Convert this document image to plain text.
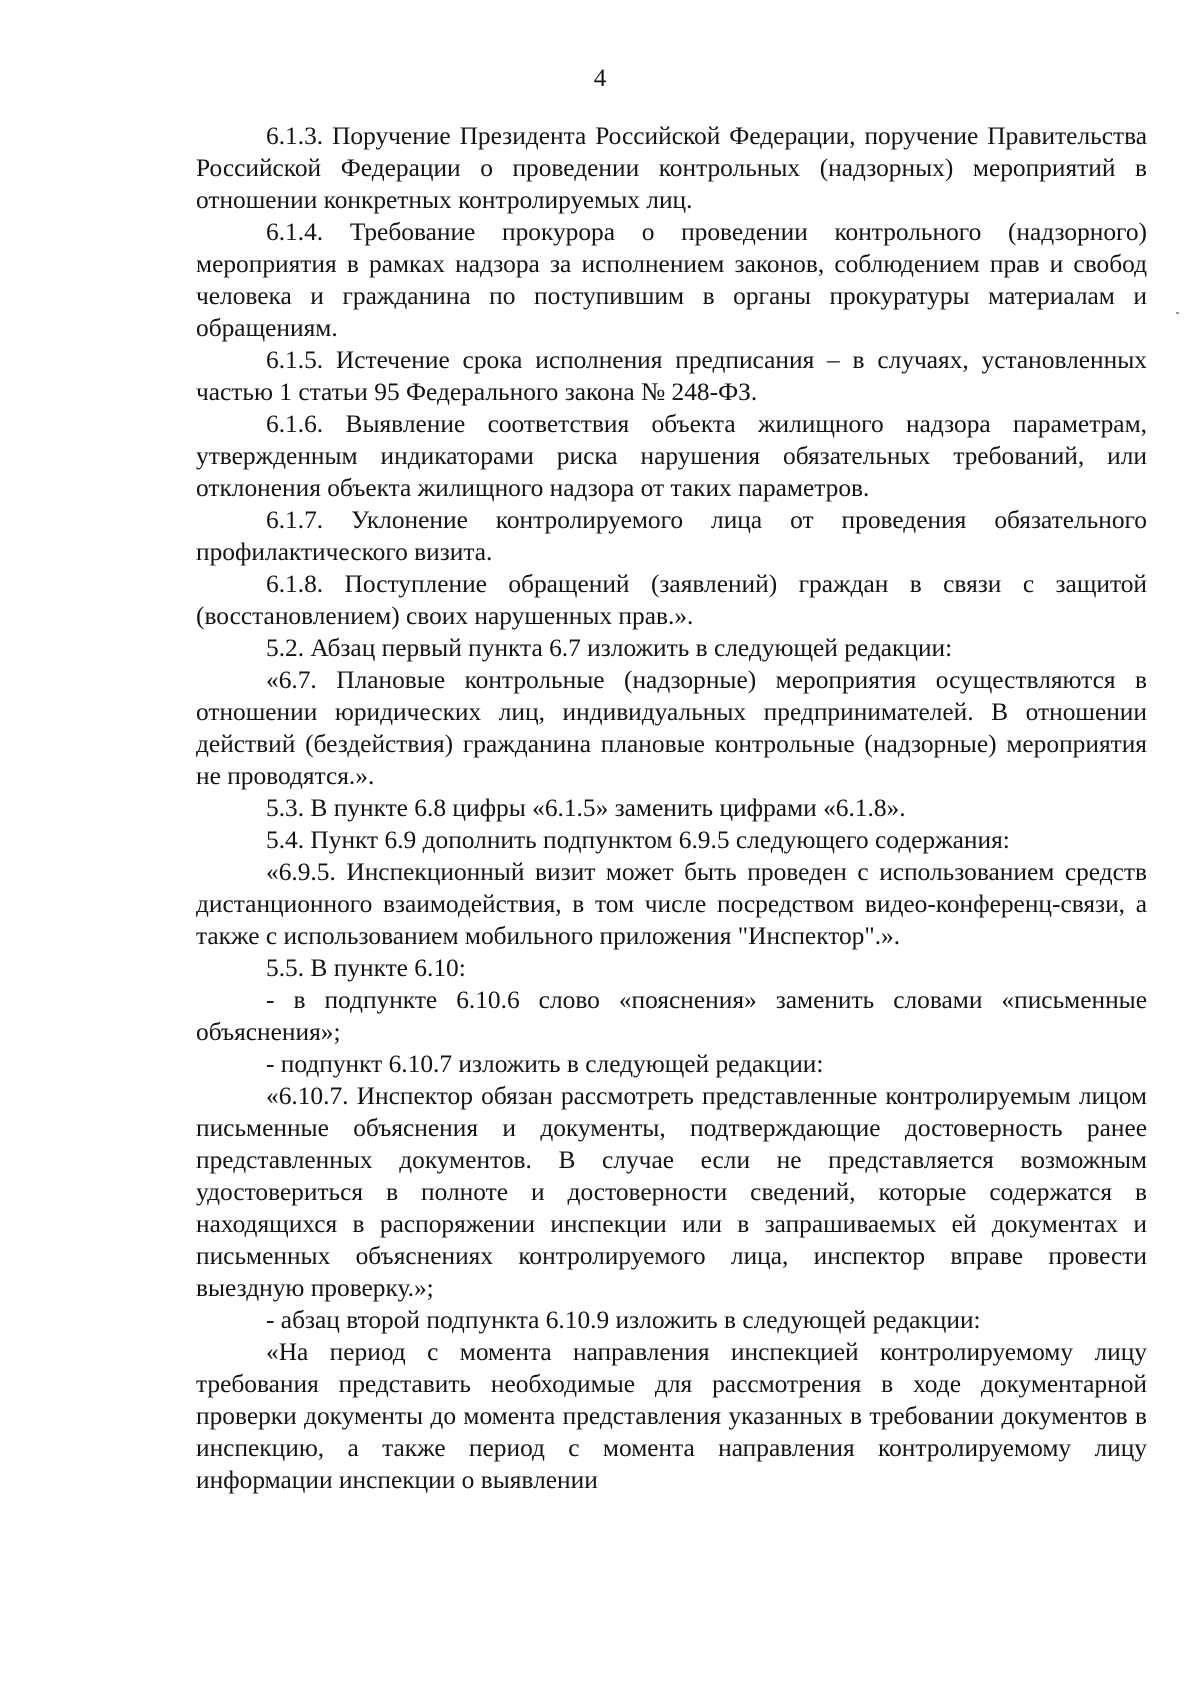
4

6.1.3. Поручение Президента Российской Федерации, поручение Правительства Российской Федерации о проведении контрольных (надзорных) мероприятий в отношении конкретных контролируемых лиц.

6.1.4. Требование прокурора о проведении контрольного (надзорного) мероприятия в рамках надзора за исполнением законов, соблюдением прав и свобод человека и гражданина по поступившим в органы прокуратуры материалам и обращениям.

6.1.5. Истечение срока исполнения предписания – в случаях, установленных частью 1 статьи 95 Федерального закона № 248-ФЗ.

6.1.6. Выявление соответствия объекта жилищного надзора параметрам, утвержденным индикаторами риска нарушения обязательных требований, или отклонения объекта жилищного надзора от таких параметров.

6.1.7. Уклонение контролируемого лица от проведения обязательного профилактического визита.

6.1.8. Поступление обращений (заявлений) граждан в связи с защитой (восстановлением) своих нарушенных прав.».

5.2. Абзац первый пункта 6.7 изложить в следующей редакции:

«6.7. Плановые контрольные (надзорные) мероприятия осуществляются в отношении юридических лиц, индивидуальных предпринимателей. В отношении действий (бездействия) гражданина плановые контрольные (надзорные) мероприятия не проводятся.».

5.3. В пункте 6.8 цифры «6.1.5» заменить цифрами «6.1.8».

5.4. Пункт 6.9 дополнить подпунктом 6.9.5 следующего содержания:

«6.9.5. Инспекционный визит может быть проведен с использованием средств дистанционного взаимодействия, в том числе посредством видео-конференц-связи, а также с использованием мобильного приложения "Инспектор".».

5.5. В пункте 6.10:

- в подпункте 6.10.6 слово «пояснения» заменить словами «письменные объяснения»;

- подпункт 6.10.7 изложить в следующей редакции:

«6.10.7. Инспектор обязан рассмотреть представленные контролируемым лицом письменные объяснения и документы, подтверждающие достоверность ранее представленных документов. В случае если не представляется возможным удостовериться в полноте и достоверности сведений, которые содержатся в находящихся в распоряжении инспекции или в запрашиваемых ей документах и письменных объяснениях контролируемого лица, инспектор вправе провести выездную проверку.»;

- абзац второй подпункта 6.10.9 изложить в следующей редакции:

«На период с момента направления инспекцией контролируемому лицу требования представить необходимые для рассмотрения в ходе документарной проверки документы до момента представления указанных в требовании документов в инспекцию, а также период с момента направления контролируемому лицу информации инспекции о выявлении
